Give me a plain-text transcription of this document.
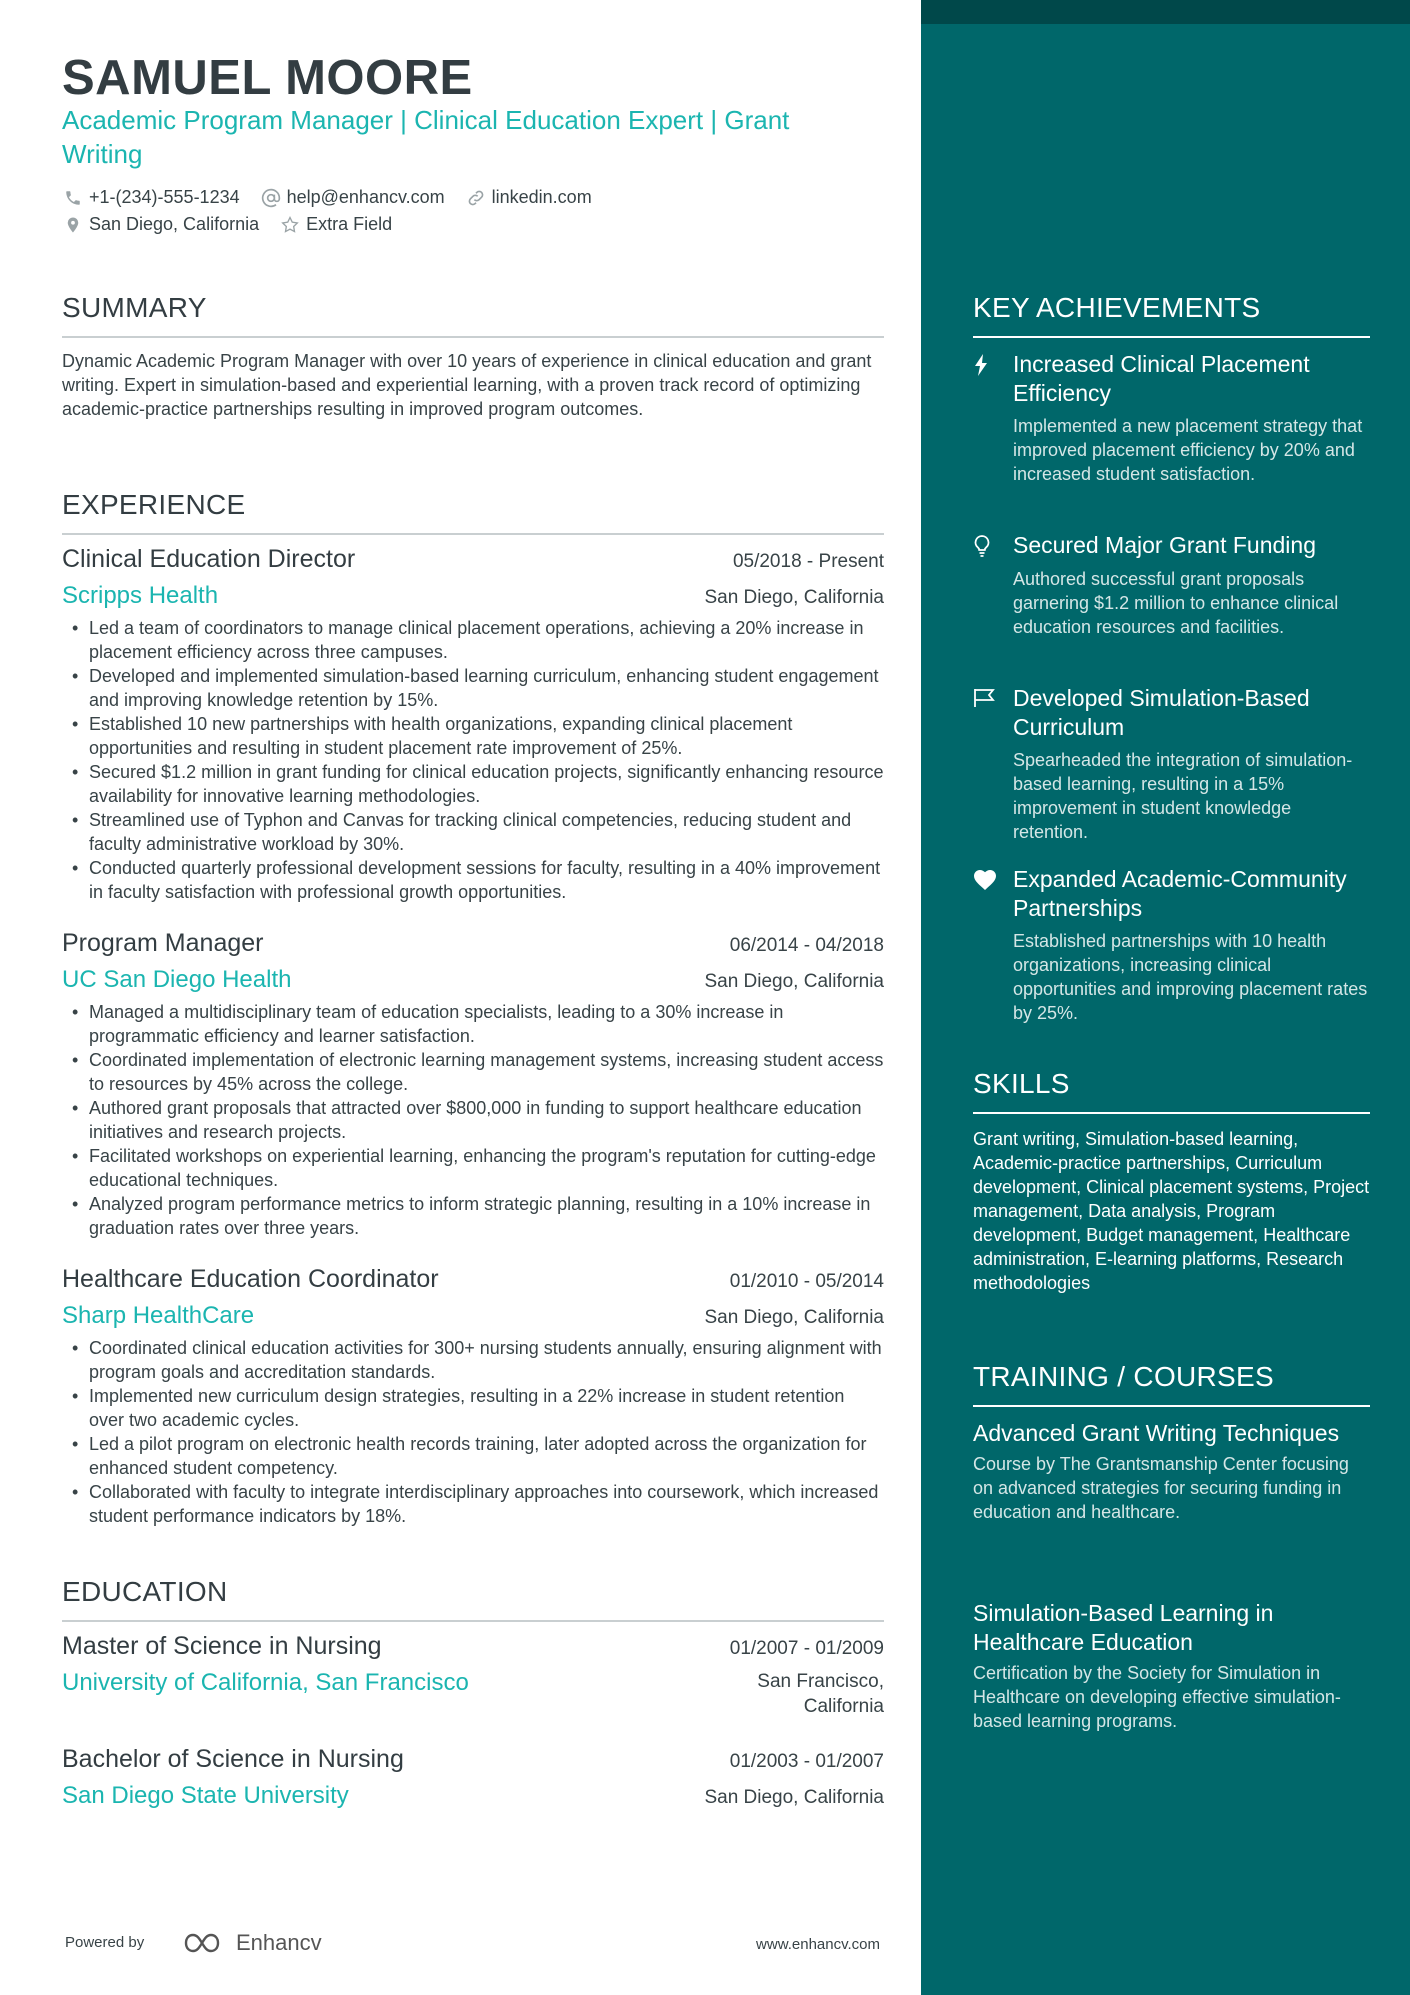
SAMUEL MOORE
Academic Program Manager | Clinical Education Expert | Grant Writing
+1-(234)-555-1234	help@enhancv.com	linkedin.com
San Diego, California	Extra Field
SUMMARY
Dynamic Academic Program Manager with over 10 years of experience in clinical education and grant writing. Expert in simulation-based and experiential learning, with a proven track record of optimizing academic-practice partnerships resulting in improved program outcomes.
EXPERIENCE
Clinical Education Director	05/2018 - Present
Scripps Health	San Diego, California
• Led a team of coordinators to manage clinical placement operations, achieving a 20% increase in placement efficiency across three campuses.
• Developed and implemented simulation-based learning curriculum, enhancing student engagement and improving knowledge retention by 15%.
• Established 10 new partnerships with health organizations, expanding clinical placement opportunities and resulting in student placement rate improvement of 25%.
• Secured $1.2 million in grant funding for clinical education projects, significantly enhancing resource availability for innovative learning methodologies.
• Streamlined use of Typhon and Canvas for tracking clinical competencies, reducing student and faculty administrative workload by 30%.
• Conducted quarterly professional development sessions for faculty, resulting in a 40% improvement in faculty satisfaction with professional growth opportunities.
Program Manager	06/2014 - 04/2018
UC San Diego Health	San Diego, California
• Managed a multidisciplinary team of education specialists, leading to a 30% increase in programmatic efficiency and learner satisfaction.
• Coordinated implementation of electronic learning management systems, increasing student access to resources by 45% across the college.
• Authored grant proposals that attracted over $800,000 in funding to support healthcare education initiatives and research projects.
• Facilitated workshops on experiential learning, enhancing the program's reputation for cutting-edge educational techniques.
• Analyzed program performance metrics to inform strategic planning, resulting in a 10% increase in graduation rates over three years.
Healthcare Education Coordinator	01/2010 - 05/2014
Sharp HealthCare	San Diego, California
• Coordinated clinical education activities for 300+ nursing students annually, ensuring alignment with program goals and accreditation standards.
• Implemented new curriculum design strategies, resulting in a 22% increase in student retention over two academic cycles.
• Led a pilot program on electronic health records training, later adopted across the organization for enhanced student competency.
• Collaborated with faculty to integrate interdisciplinary approaches into coursework, which increased student performance indicators by 18%.
EDUCATION
Master of Science in Nursing	01/2007 - 01/2009
University of California, San Francisco	San Francisco,
California
Bachelor of Science in Nursing	01/2003 - 01/2007
San Diego State University	San Diego, California
Powered by	Enhancv	www.enhancv.com
KEY ACHIEVEMENTS
Increased Clinical Placement Efficiency
Implemented a new placement strategy that improved placement efficiency by 20% and increased student satisfaction.
Secured Major Grant Funding
Authored successful grant proposals garnering $1.2 million to enhance clinical education resources and facilities.
Developed Simulation-Based Curriculum
Spearheaded the integration of simulation-based learning, resulting in a 15% improvement in student knowledge retention.
Expanded Academic-Community Partnerships
Established partnerships with 10 health organizations, increasing clinical opportunities and improving placement rates by 25%.
SKILLS
Grant writing, Simulation-based learning, Academic-practice partnerships, Curriculum development, Clinical placement systems, Project management, Data analysis, Program development, Budget management, Healthcare administration, E-learning platforms, Research methodologies
TRAINING / COURSES
Advanced Grant Writing Techniques
Course by The Grantsmanship Center focusing on advanced strategies for securing funding in education and healthcare.
Simulation-Based Learning in Healthcare Education
Certification by the Society for Simulation in Healthcare on developing effective simulation-based learning programs.
